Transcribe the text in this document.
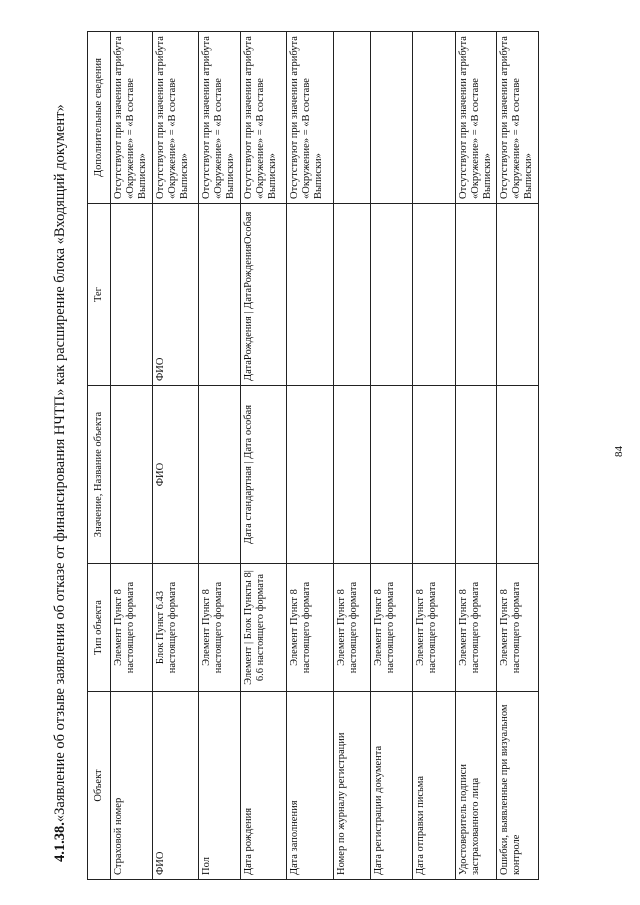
84
4.1.38.«Заявление об отзыве заявления об отказе от финансирования НЧТП» как расширение блока «Входящий документ»	Объект	Тип объекта	Значение, Название объекта	Тег	Дополнительные сведения
Страховой номер	Элемент Пункт 8 настоящего формата			Отсутствуют при значении атрибута «Окружение» = «В составе Выписки»
ФИО	Блок Пункт 6.43 настоящего формата	ФИО	ФИО	Отсутствуют при значении атрибута «Окружение» = «В составе Выписки»
Пол	Элемент Пункт 8 настоящего формата			Отсутствуют при значении атрибута «Окружение» = «В составе Выписки»
Дата рождения	Элемент | Блок Пункты 8| 6.6 настоящего формата	Дата стандартная | Дата особая	ДатаРождения | ДатаРожденияОсобая	Отсутствуют при значении атрибута «Окружение» = «В составе Выписки»
Дата заполнения	Элемент Пункт 8 настоящего формата			Отсутствуют при значении атрибута «Окружение» = «В составе Выписки»
Номер по журналу регистрации	Элемент Пункт 8 настоящего формата			
Дата регистрации документа	Элемент Пункт 8 настоящего формата			
Дата отправки письма	Элемент Пункт 8 настоящего формата			
Удостоверитель подписи застрахованного лица	Элемент Пункт 8 настоящего формата			Отсутствуют при значении атрибута «Окружение» = «В составе Выписки»
Ошибки, выявленные при визуальном контроле	Элемент Пункт 8 настоящего формата			Отсутствуют при значении атрибута «Окружение» = «В составе Выписки»
